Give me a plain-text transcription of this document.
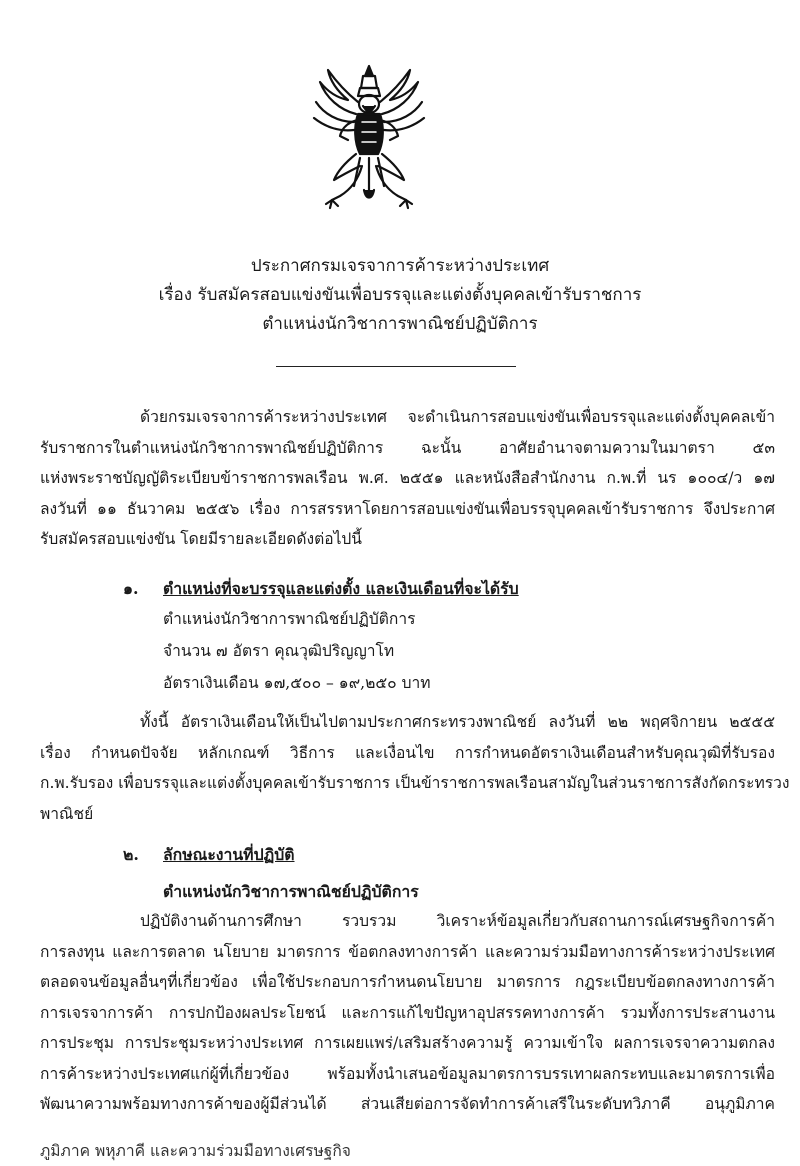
ประกาศกรมเจรจาการค้าระหว่างประเทศ
เรื่อง รับสมัครสอบแข่งขันเพื่อบรรจุและแต่งตั้งบุคคลเข้ารับราชการ
ตำแหน่งนักวิชาการพาณิชย์ปฏิบัติการ
ด้วยกรมเจรจาการค้าระหว่างประเทศ จะดำเนินการสอบแข่งขันเพื่อบรรจุและแต่งตั้งบุคคลเข้า
รับราชการในตำแหน่งนักวิชาการพาณิชย์ปฏิบัติการ ฉะนั้น อาศัยอำนาจตามความในมาตรา ๕๓
แห่งพระราชบัญญัติระเบียบข้าราชการพลเรือน พ.ศ. ๒๕๕๑ และหนังสือสำนักงาน ก.พ.ที่ นร ๑๐๐๔/ว ๑๗
ลงวันที่ ๑๑ ธันวาคม ๒๕๕๖ เรื่อง การสรรหาโดยการสอบแข่งขันเพื่อบรรจุบุคคลเข้ารับราชการ จึงประกาศ
รับสมัครสอบแข่งขัน โดยมีรายละเอียดดังต่อไปนี้
๑. ตำแหน่งที่จะบรรจุและแต่งตั้ง และเงินเดือนที่จะได้รับ
ตำแหน่งนักวิชาการพาณิชย์ปฏิบัติการ
จำนวน ๗ อัตรา คุณวุฒิปริญญาโท
อัตราเงินเดือน ๑๗,๕๐๐ – ๑๙,๒๕๐ บาท
ทั้งนี้ อัตราเงินเดือนให้เป็นไปตามประกาศกระทรวงพาณิชย์ ลงวันที่ ๒๒ พฤศจิกายน ๒๕๕๕
เรื่อง กำหนดปัจจัย หลักเกณฑ์ วิธีการ และเงื่อนไข การกำหนดอัตราเงินเดือนสำหรับคุณวุฒิที่รับรอง
ก.พ.รับรอง เพื่อบรรจุและแต่งตั้งบุคคลเข้ารับราชการ เป็นข้าราชการพลเรือนสามัญในส่วนราชการสังกัดกระทรวง
พาณิชย์
๒. ลักษณะงานที่ปฏิบัติ
ตำแหน่งนักวิชาการพาณิชย์ปฏิบัติการ
ปฏิบัติงานด้านการศึกษา รวบรวม วิเคราะห์ข้อมูลเกี่ยวกับสถานการณ์เศรษฐกิจการค้า
การลงทุน และการตลาด นโยบาย มาตรการ ข้อตกลงทางการค้า และความร่วมมือทางการค้าระหว่างประเทศ
ตลอดจนข้อมูลอื่นๆที่เกี่ยวข้อง เพื่อใช้ประกอบการกำหนดนโยบาย มาตรการ กฎระเบียบข้อตกลงทางการค้า
การเจรจาการค้า การปกป้องผลประโยชน์ และการแก้ไขปัญหาอุปสรรคทางการค้า รวมทั้งการประสานงาน
การประชุม การประชุมระหว่างประเทศ การเผยแพร่/เสริมสร้างความรู้ ความเข้าใจ ผลการเจรจาความตกลง
การค้าระหว่างประเทศแก่ผู้ที่เกี่ยวข้อง พร้อมทั้งนำเสนอข้อมูลมาตรการบรรเทาผลกระทบและมาตรการเพื่อ
พัฒนาความพร้อมทางการค้าของผู้มีส่วนได้ ส่วนเสียต่อการจัดทำการค้าเสรีในระดับทวิภาคี อนุภูมิภาค
ภูมิภาค พหุภาคี และความร่วมมือทางเศรษฐกิจ
